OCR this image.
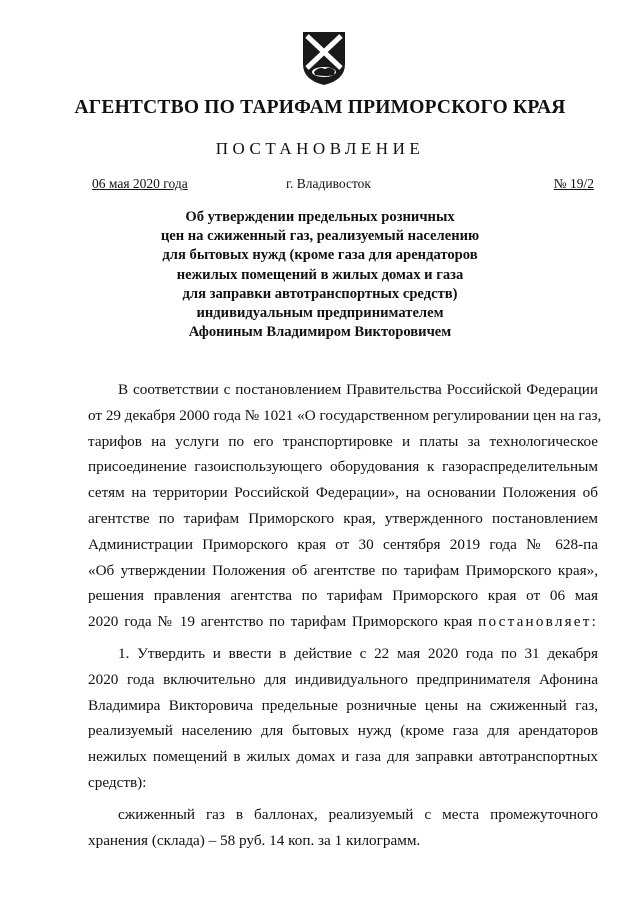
АГЕНТСТВО ПО ТАРИФАМ ПРИМОРСКОГО КРАЯ
ПОСТАНОВЛЕНИЕ
06 мая 2020 года	г. Владивосток	№ 19/2
Об утверждении предельных розничных
цен на сжиженный газ, реализуемый населению
для бытовых нужд (кроме газа для арендаторов
нежилых помещений в жилых домах и газа
для заправки автотранспортных средств)
индивидуальным предпринимателем
Афониным Владимиром Викторовичем
В соответствии с постановлением Правительства Российской Федерации
от 29 декабря 2000 года № 1021 «О государственном регулировании цен на газ,
тарифов на услуги по его транспортировке и платы за технологическое
присоединение газоиспользующего оборудования к газораспределительным
сетям на территории Российской Федерации», на основании Положения об
агентстве по тарифам Приморского края, утвержденного постановлением
Администрации Приморского края от 30 сентября 2019 года № 628-па
«Об утверждении Положения об агентстве по тарифам Приморского края»,
решения правления агентства по тарифам Приморского края от 06 мая
2020 года № 19 агентство по тарифам Приморского края постановляет:
1. Утвердить и ввести в действие с 22 мая 2020 года по 31 декабря
2020 года включительно для индивидуального предпринимателя Афонина
Владимира Викторовича предельные розничные цены на сжиженный газ,
реализуемый населению для бытовых нужд (кроме газа для арендаторов
нежилых помещений в жилых домах и газа для заправки автотранспортных
средств):
сжиженный газ в баллонах, реализуемый с места промежуточного
хранения (склада) – 58 руб. 14 коп. за 1 килограмм.
